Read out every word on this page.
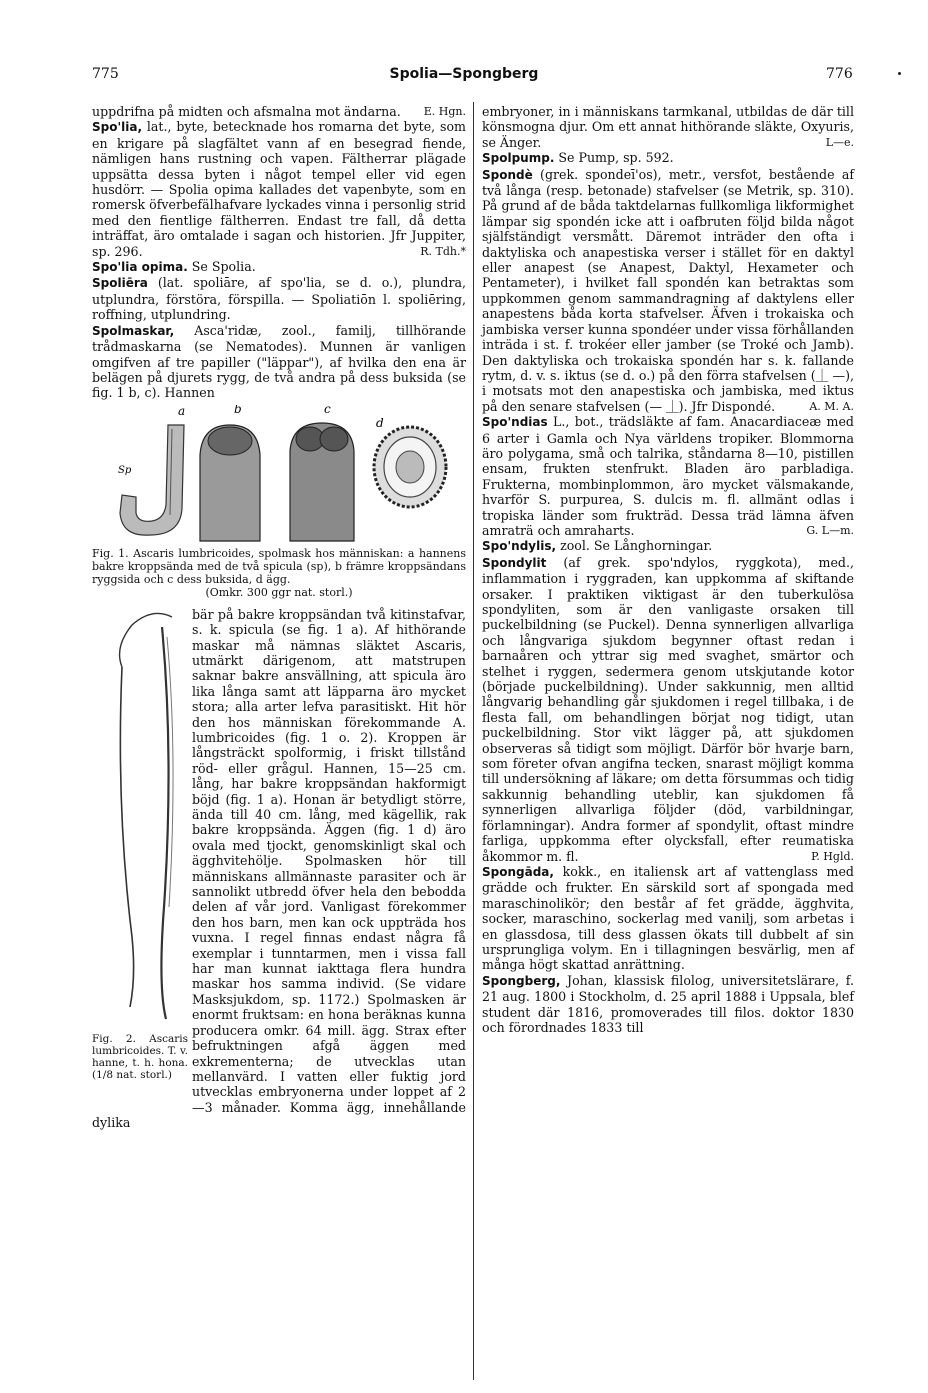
775	Spolia—Spongberg	776

uppdrifna på midten och afsmalna mot ändarna. E. Hgn.

Spo'lia, lat., byte, betecknade hos romarna det byte, som en krigare på slagfältet vann af en besegrad fiende, nämligen hans rustning och vapen. Fältherrar plägade uppsätta dessa byten i något tempel eller vid egen husdörr. — Spolia opima kallades det vapenbyte, som en romersk öfverbefälhafvare lyckades vinna i personlig strid med den fientlige fältherren. Endast tre fall, då detta inträffat, äro omtalade i sagan och historien. Jfr Juppiter, sp. 296.	R. Tdh.*

Spo'lia opima. Se Spolia.

Spoliēra (lat. spoliāre, af spo'lia, se d. o.), plundra, utplundra, förstöra, förspilla. — Spoliatiōn l. spoliēring, roffning, utplundring.

Spolmaskar, Asca'ridæ, zool., familj, tillhörande trådmaskarna (se Nematodes). Munnen är vanligen omgifven af tre papiller ("läppar"), af hvilka den ena är belägen på djurets rygg, de två andra på dess buksida (se fig. 1 b, c). Hannen

a	b	c
d
Sp
Fig. 1. Ascaris lumbricoides, spolmask hos människan: a hannens bakre kroppsända med de två spicula (sp), b främre kroppsändans ryggsida och c dess buksida, d ägg.
(Omkr. 300 ggr nat. storl.)

Fig. 2. Ascaris lumbricoides. T. v. hanne, t. h. hona. (1/8 nat. storl.)
bär på bakre kroppsändan två kitinstafvar, s. k. spicula (se fig. 1 a). Af hithörande maskar må nämnas släktet Ascaris, utmärkt därigenom, att matstrupen saknar bakre ansvällning, att spicula äro lika långa samt att läpparna äro mycket stora; alla arter lefva parasitiskt. Hit hör den hos människan förekommande A. lumbricoides (fig. 1 o. 2). Kroppen är långsträckt spolformig, i friskt tillstånd röd- eller grågul. Hannen, 15—25 cm. lång, har bakre kroppsändan hakformigt böjd (fig. 1 a). Honan är betydligt större, ända till 40 cm. lång, med kägellik, rak bakre kroppsända. Äggen (fig. 1 d) äro ovala med tjockt, genomskinligt skal och ägghvitehölje. Spolmasken hör till människans allmännaste parasiter och är sannolikt utbredd öfver hela den bebodda delen af vår jord. Vanligast förekommer den hos barn, men kan ock uppträda hos vuxna. I regel finnas endast några få exemplar i tunntarmen, men i vissa fall har man kunnat iakttaga flera hundra maskar hos samma individ. (Se vidare Masksjukdom, sp. 1172.) Spolmasken är enormt fruktsam: en hona beräknas kunna producera omkr. 64 mill. ägg. Strax efter befruktningen afgå äggen med exkrementerna; de utvecklas utan mellanvärd. I vatten eller fuktig jord utvecklas embryonerna under loppet af 2—3 månader. Komma ägg, innehållande dylika

embryoner, in i människans tarmkanal, utbildas de där till könsmogna djur. Om ett annat hithörande släkte, Oxyuris, se Änger.	L—e.

Spolpump. Se Pump, sp. 592.

Spondè (grek. spondeī'os), metr., versfot, bestående af två långa (resp. betonade) stafvelser (se Metrik, sp. 310). På grund af de båda taktdelarnas fullkomliga likformighet lämpar sig spondén icke att i oafbruten följd bilda något själfständigt versmått. Däremot inträder den ofta i daktyliska och anapestiska verser i stället för en daktyl eller anapest (se Anapest, Daktyl, Hexameter och Pentameter), i hvilket fall spondén kan betraktas som uppkommen genom sammandragning af daktylens eller anapestens båda korta stafvelser. Äfven i trokaiska och jambiska verser kunna spondéer under vissa förhållanden inträda i st. f. trokéer eller jamber (se Troké och Jamb). Den daktyliska och trokaiska spondén har s. k. fallande rytm, d. v. s. iktus (se d. o.) på den förra stafvelsen (⏊ —), i motsats mot den anapestiska och jambiska, med iktus på den senare stafvelsen (— ⏊). Jfr Dispondé.	A. M. A.

Spo'ndias L., bot., trädsläkte af fam. Anacardiaceæ med 6 arter i Gamla och Nya världens tropiker. Blommorna äro polygama, små och talrika, ståndarna 8—10, pistillen ensam, frukten stenfrukt. Bladen äro parbladiga. Frukterna, mombinplommon, äro mycket välsmakande, hvarför S. purpurea, S. dulcis m. fl. allmänt odlas i tropiska länder som frukträd. Dessa träd lämna äfven amraträ och amraharts.	G. L—m.

Spo'ndylis, zool. Se Långhorningar.

Spondylit (af grek. spo'ndylos, ryggkota), med., inflammation i ryggraden, kan uppkomma af skiftande orsaker. I praktiken viktigast är den tuberkulösa spondyliten, som är den vanligaste orsaken till puckelbildning (se Puckel). Denna synnerligen allvarliga och långvariga sjukdom begynner oftast redan i barnaåren och yttrar sig med svaghet, smärtor och stelhet i ryggen, sedermera genom utskjutande kotor (började puckelbildning). Under sakkunnig, men alltid långvarig behandling går sjukdomen i regel tillbaka, i de flesta fall, om behandlingen börjat nog tidigt, utan puckelbildning. Stor vikt lägger på, att sjukdomen observeras så tidigt som möjligt. Därför bör hvarje barn, som företer ofvan angifna tecken, snarast möjligt komma till undersökning af läkare; om detta försummas och tidig sakkunnig behandling uteblir, kan sjukdomen få synnerligen allvarliga följder (död, varbildningar, förlamningar). Andra former af spondylit, oftast mindre farliga, uppkomma efter olycksfall, efter reumatiska åkommor m. fl.	P. Hgld.

Spongāda, kokk., en italiensk art af vattenglass med grädde och frukter. En särskild sort af spongada med maraschinolikör; den består af fet grädde, ägghvita, socker, maraschino, sockerlag med vanilj, som arbetas i en glassdosa, till dess glassen ökats till dubbelt af sin ursprungliga volym. En i tillagningen besvärlig, men af många högt skattad anrättning.

Spongberg, Johan, klassisk filolog, universitetslärare, f. 21 aug. 1800 i Stockholm, d. 25 april 1888 i Uppsala, blef student där 1816, promoverades till filos. doktor 1830 och förordnades 1833 till
